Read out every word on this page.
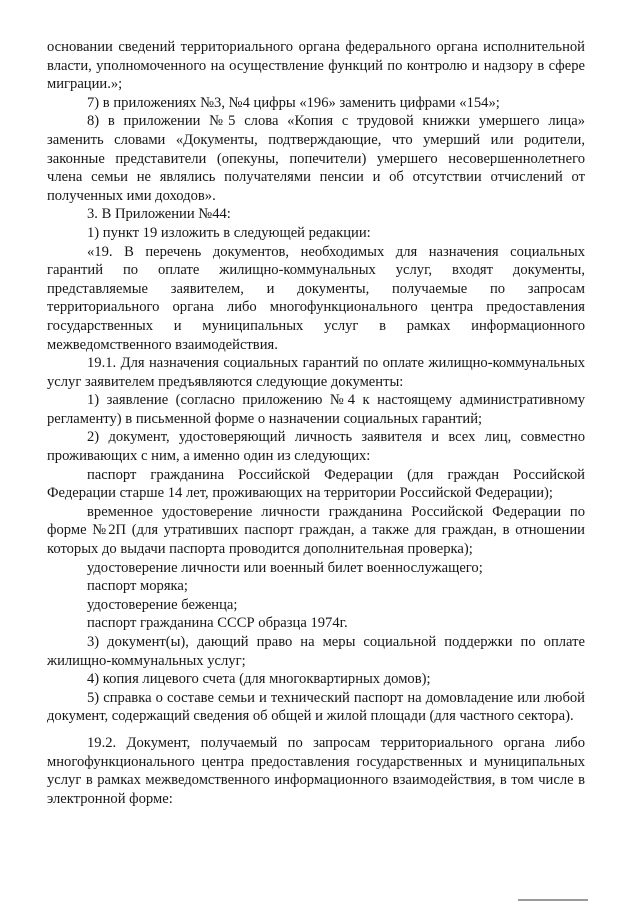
основании сведений территориального органа федерального органа исполнительной власти, уполномоченного на осуществление функций по контролю и надзору в сфере миграции.»;

7) в приложениях №3, №4 цифры «196» заменить цифрами «154»;

8) в приложении №5 слова «Копия с трудовой книжки умершего лица» заменить словами «Документы, подтверждающие, что умерший или родители, законные представители (опекуны, попечители) умершего несовершеннолетнего члена семьи не являлись получателями пенсии и об отсутствии отчислений от полученных ими доходов».

3. В Приложении №44:

1) пункт 19 изложить в следующей редакции:

«19. В перечень документов, необходимых для назначения социальных гарантий по оплате жилищно-коммунальных услуг, входят документы, представляемые заявителем, и документы, получаемые по запросам территориального органа либо многофункционального центра предоставления государственных и муниципальных услуг в рамках информационного межведомственного взаимодействия.

19.1. Для назначения социальных гарантий по оплате жилищно-коммунальных услуг заявителем предъявляются следующие документы:

1) заявление (согласно приложению №4 к настоящему административному регламенту) в письменной форме о назначении социальных гарантий;

2) документ, удостоверяющий личность заявителя и всех лиц, совместно проживающих с ним, а именно один из следующих:

паспорт гражданина Российской Федерации (для граждан Российской Федерации старше 14 лет, проживающих на территории Российской Федерации);

временное удостоверение личности гражданина Российской Федерации по форме №2П (для утративших паспорт граждан, а также для граждан, в отношении которых до выдачи паспорта проводится дополнительная проверка);

удостоверение личности или военный билет военнослужащего;

паспорт моряка;

удостоверение беженца;

паспорт гражданина СССР образца 1974г.

3) документ(ы), дающий право на меры социальной поддержки по оплате жилищно-коммунальных услуг;

4) копия лицевого счета (для многоквартирных домов);

5) справка о составе семьи и технический паспорт на домовладение или любой документ, содержащий сведения об общей и жилой площади (для частного сектора).

19.2. Документ, получаемый по запросам территориального органа либо многофункционального центра предоставления государственных и муниципальных услуг в рамках межведомственного информационного взаимодействия, в том числе в электронной форме:
